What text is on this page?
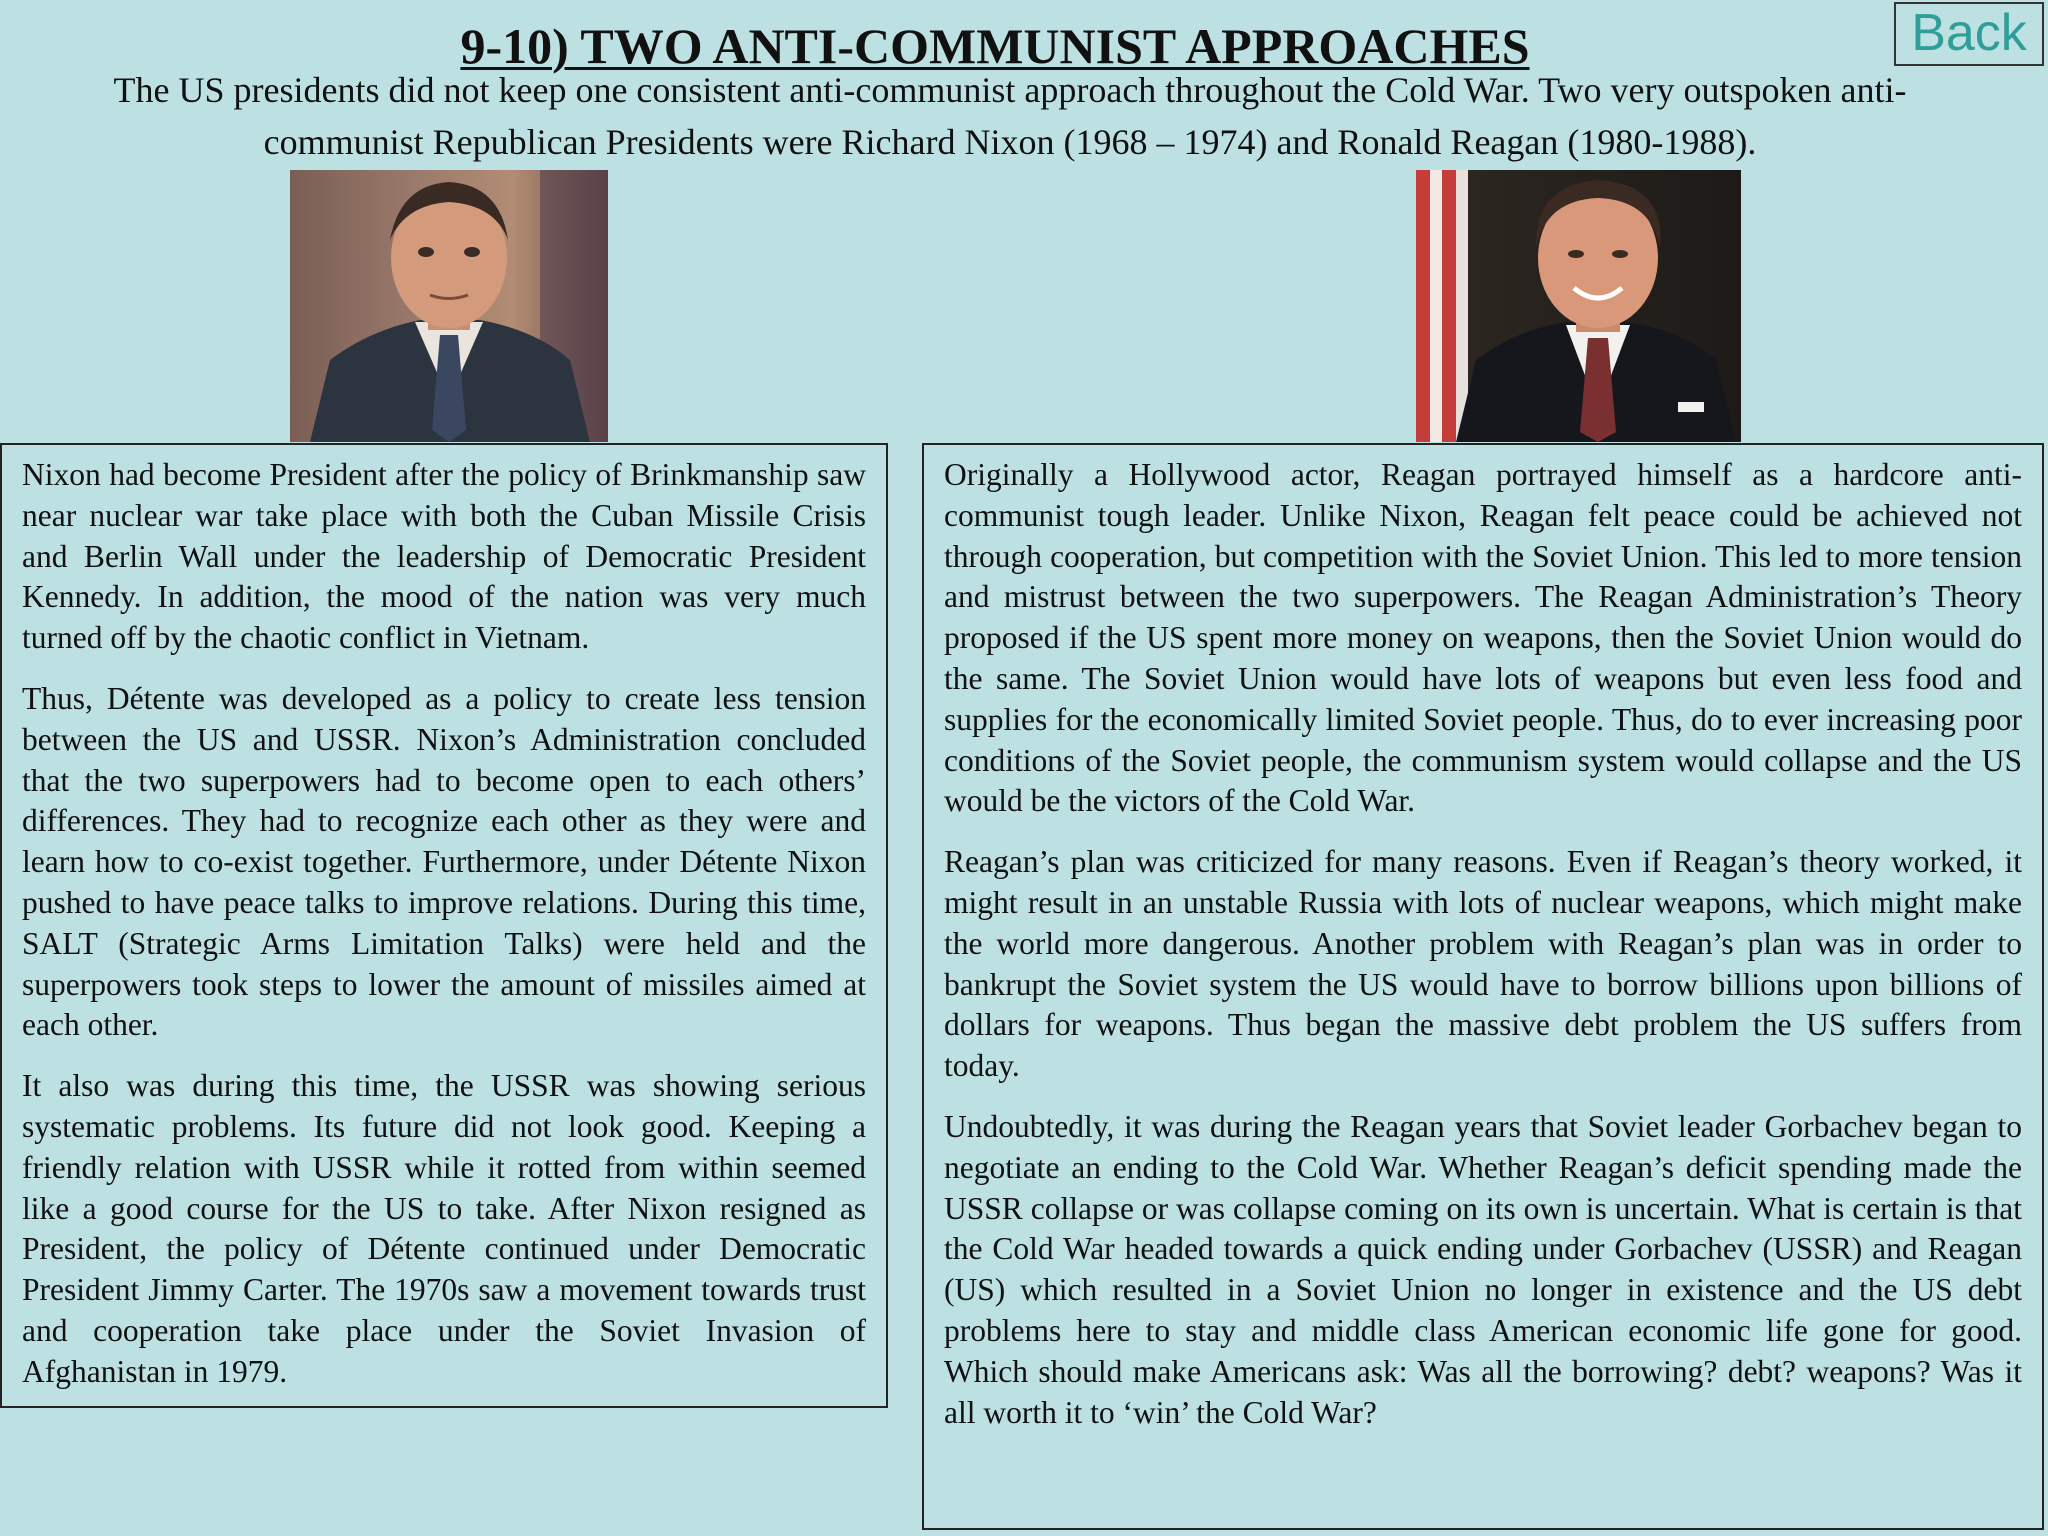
9-10) TWO ANTI-COMMUNIST APPROACHES	Back

The US presidents did not keep one consistent anti-communist approach throughout the Cold War. Two very outspoken anti-communist Republican Presidents were Richard Nixon (1968 – 1974) and Ronald Reagan (1980-1988).

Nixon had become President after the policy of Brinkmanship saw near nuclear war take place with both the Cuban Missile Crisis and Berlin Wall under the leadership of Democratic President Kennedy. In addition, the mood of the nation was very much turned off by the chaotic conflict in Vietnam.

Thus, Détente was developed as a policy to create less tension between the US and USSR. Nixon’s Administration concluded that the two superpowers had to become open to each others’ differences. They had to recognize each other as they were and learn how to co-exist together. Furthermore, under Détente Nixon pushed to have peace talks to improve relations. During this time, SALT (Strategic Arms Limitation Talks) were held and the superpowers took steps to lower the amount of missiles aimed at each other.

It also was during this time, the USSR was showing serious systematic problems. Its future did not look good. Keeping a friendly relation with USSR while it rotted from within seemed like a good course for the US to take. After Nixon resigned as President, the policy of Détente continued under Democratic President Jimmy Carter. The 1970s saw a movement towards trust and cooperation take place under the Soviet Invasion of Afghanistan in 1979.

Originally a Hollywood actor, Reagan portrayed himself as a hardcore anti-communist tough leader. Unlike Nixon, Reagan felt peace could be achieved not through cooperation, but competition with the Soviet Union. This led to more tension and mistrust between the two superpowers. The Reagan Administration’s Theory proposed if the US spent more money on weapons, then the Soviet Union would do the same. The Soviet Union would have lots of weapons but even less food and supplies for the economically limited Soviet people. Thus, do to ever increasing poor conditions of the Soviet people, the communism system would collapse and the US would be the victors of the Cold War.

Reagan’s plan was criticized for many reasons. Even if Reagan’s theory worked, it might result in an unstable Russia with lots of nuclear weapons, which might make the world more dangerous. Another problem with Reagan’s plan was in order to bankrupt the Soviet system the US would have to borrow billions upon billions of dollars for weapons. Thus began the massive debt problem the US suffers from today.

Undoubtedly, it was during the Reagan years that Soviet leader Gorbachev began to negotiate an ending to the Cold War. Whether Reagan’s deficit spending made the USSR collapse or was collapse coming on its own is uncertain. What is certain is that the Cold War headed towards a quick ending under Gorbachev (USSR) and Reagan (US) which resulted in a Soviet Union no longer in existence and the US debt problems here to stay and middle class American economic life gone for good. Which should make Americans ask: Was all the borrowing? debt? weapons? Was it all worth it to ‘win’ the Cold War?
